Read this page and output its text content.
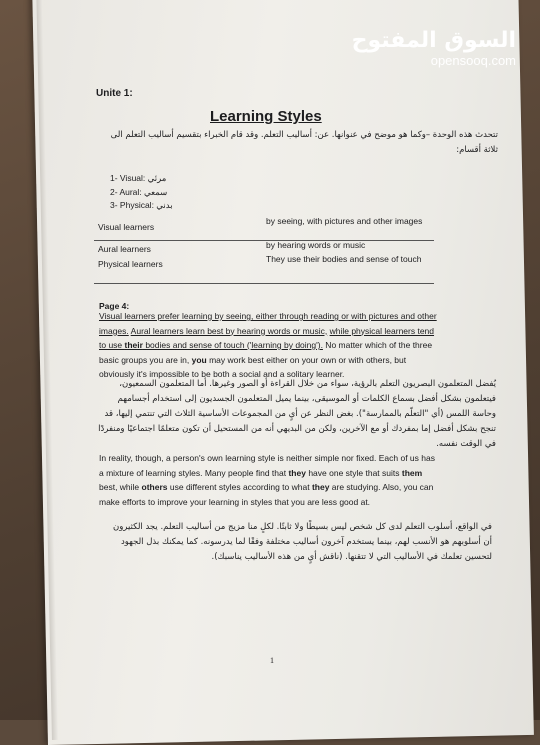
السوق المفتوح
opensooq.com
Unite 1:
Learning Styles
تتحدث هذه الوحدة –وكما هو موضح في عنوانها. عن: أساليب التعلم. وقد قام الخبراء بتقسيم أساليب التعلم الى ثلاثة أقسام:
1- Visual: مرئي
2- Aural: سمعي
3- Physical: بدني
Visual learners
by seeing, with pictures and other images
Aural learners	by hearing words or music
Physical learners	They use their bodies and sense of touch
Page 4:
Visual learners prefer learning by seeing, either through reading or with pictures and other images. Aural learners learn best by hearing words or music, while physical learners tend to use their bodies and sense of touch ('learning by doing'). No matter which of the three basic groups you are in, you may work best either on your own or with others, but obviously it's impossible to be both a social and a solitary learner.
يُفضل المتعلمون البصريون التعلم بالرؤية، سواء من خلال القراءة أو الصور وغيرها. أما المتعلمون السمعيون، فيتعلمون بشكل أفضل بسماع الكلمات أو الموسيقى، بينما يميل المتعلمون الجسديون إلى استخدام أجسامهم وحاسة اللمس (أي "التعلّم بالممارسة"). بغض النظر عن أيٍ من المجموعات الأساسية الثلاث التي تنتمي إليها، قد تنجح بشكل أفضل إما بمفردك أو مع الآخرين، ولكن من البديهي أنه من المستحيل أن تكون متعلمًا اجتماعيًا ومنفردًا في الوقت نفسه.
In reality, though, a person's own learning style is neither simple nor fixed. Each of us has a mixture of learning styles. Many people find that they have one style that suits them best, while others use different styles according to what they are studying. Also, you can make efforts to improve your learning in styles that you are less good at.
في الواقع، أسلوب التعلم لدى كل شخص ليس بسيطًا ولا ثابتًا. لكلٍ منا مزيج من أساليب التعلم. يجد الكثيرون أن أسلوبهم هو الأنسب لهم، بينما يستخدم آخرون أساليب مختلفة وفقًا لما يدرسونه. كما يمكنك بذل الجهود لتحسين تعلمك في الأساليب التي لا تتقنها. (ناقش أيٍ من هذه الأساليب يناسبك).
1
